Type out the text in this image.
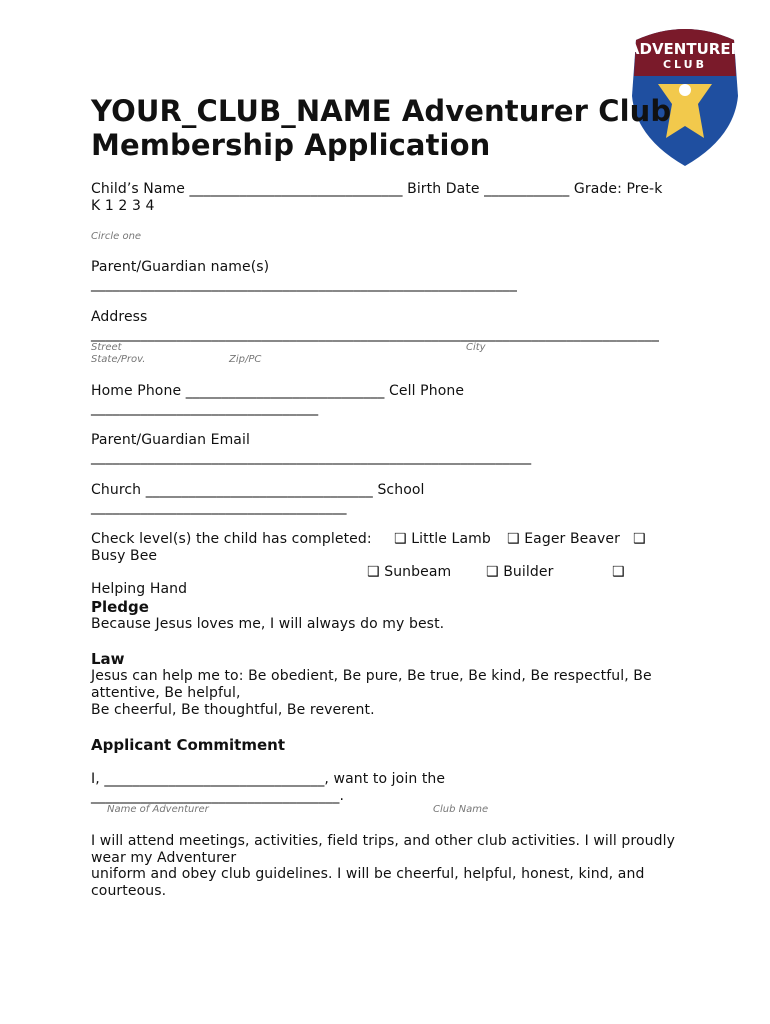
ADVENTURER
CLUB
YOUR_CLUB_NAME Adventurer Club
Membership Application
Child’s Name ______________________________ Birth Date ____________ Grade: Pre-k
K 1 2 3 4
Circle one
Parent/Guardian name(s)
____________________________________________________________
Address
________________________________________________________________________________
Street	City
State/Prov.	Zip/PC
Home Phone ____________________________ Cell Phone
________________________________
Parent/Guardian Email
______________________________________________________________
Church ________________________________ School
____________________________________
Check level(s) the child has completed: ❑ Little Lamb ❑ Eager Beaver ❑
Busy Bee
❑ Sunbeam ❑ Builder	❑
Helping Hand
Pledge
Because Jesus loves me, I will always do my best.
Law
Jesus can help me to: Be obedient, Be pure, Be true, Be kind, Be respectful, Be
attentive, Be helpful,
Be cheerful, Be thoughtful, Be reverent.
Applicant Commitment
I, _______________________________, want to join the
___________________________________.
Name of Adventurer	Club Name
I will attend meetings, activities, field trips, and other club activities. I will proudly
wear my Adventurer
uniform and obey club guidelines. I will be cheerful, helpful, honest, kind, and
courteous.
